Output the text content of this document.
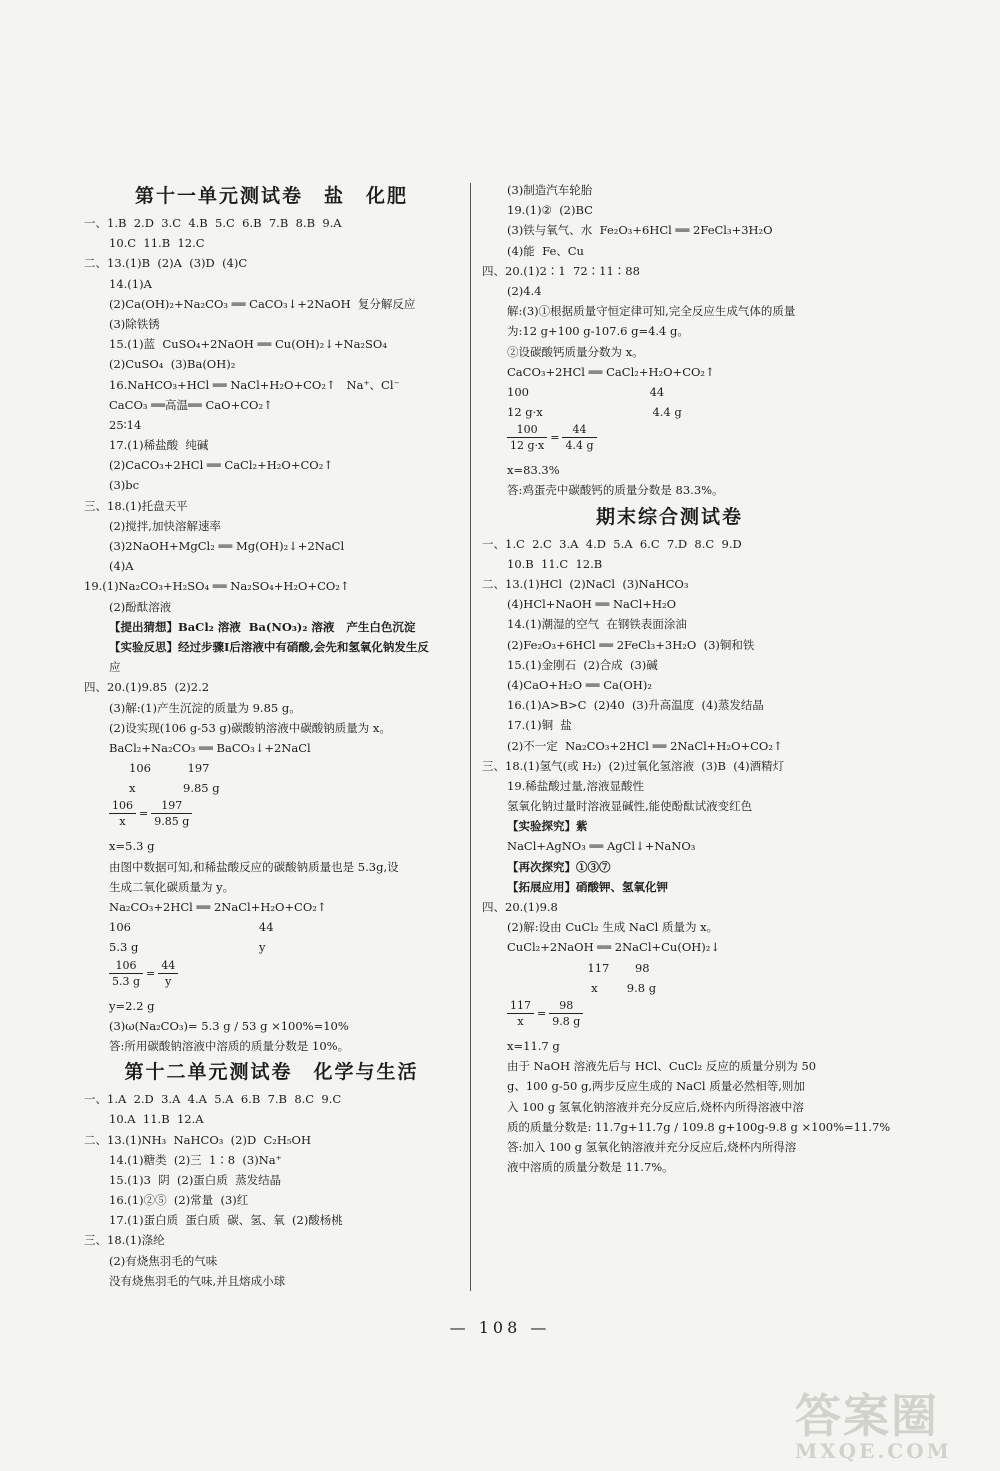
第十一单元测试卷　盐　化肥
一、1.B  2.D  3.C  4.B  5.C  6.B  7.B  8.B  9.A
10.C  11.B  12.C
二、13.(1)B  (2)A  (3)D  (4)C
14.(1)A
(2)Ca(OH)₂+Na₂CO₃ ══ CaCO₃↓+2NaOH  复分解反应
(3)除铁锈
15.(1)蓝  CuSO₄+2NaOH ══ Cu(OH)₂↓+Na₂SO₄
(2)CuSO₄  (3)Ba(OH)₂
16.NaHCO₃+HCl ══ NaCl+H₂O+CO₂↑   Na⁺、Cl⁻
CaCO₃ ══高温══ CaO+CO₂↑
25∶14
17.(1)稀盐酸  纯碱
(2)CaCO₃+2HCl ══ CaCl₂+H₂O+CO₂↑
(3)bc
三、18.(1)托盘天平
(2)搅拌,加快溶解速率
(3)2NaOH+MgCl₂ ══ Mg(OH)₂↓+2NaCl
(4)A
19.(1)Na₂CO₃+H₂SO₄ ══ Na₂SO₄+H₂O+CO₂↑
(2)酚酞溶液
【提出猜想】BaCl₂ 溶液  Ba(NO₃)₂ 溶液   产生白色沉淀
【实验反思】经过步骤I后溶液中有硝酸,会先和氢氧化钠发生反
应
四、20.(1)9.85  (2)2.2
(3)解:(1)产生沉淀的质量为 9.85 g。
(2)设实现(106 g-53 g)碳酸钠溶液中碳酸钠质量为 x。
BaCl₂+Na₂CO₃ ══ BaCO₃↓+2NaCl
106          197
x             9.85 g
$\frac{106}{x} = \frac{197}{9.85 g}$
x=5.3 g
由图中数据可知,和稀盐酸反应的碳酸钠质量也是 5.3g,设
生成二氧化碳质量为 y。
Na₂CO₃+2HCl ══ 2NaCl+H₂O+CO₂↑
106                                   44
5.3 g                                 y
$\frac{106}{5.3 g} = \frac{44}{y}$
y=2.2 g
(3)ω(Na₂CO₃)= 5.3 g / 53 g ×100%=10%
答:所用碳酸钠溶液中溶质的质量分数是 10%。
第十二单元测试卷　化学与生活
一、1.A  2.D  3.A  4.A  5.A  6.B  7.B  8.C  9.C
10.A  11.B  12.A
二、13.(1)NH₃  NaHCO₃  (2)D  C₂H₅OH
14.(1)糖类  (2)三  1∶8  (3)Na⁺
15.(1)3  阴  (2)蛋白质  蒸发结晶
16.(1)②⑤  (2)常量  (3)红
17.(1)蛋白质  蛋白质  碳、氢、氧  (2)酸杨桃
三、18.(1)涤纶
(2)有烧焦羽毛的气味
没有烧焦羽毛的气味,并且熔成小球
(3)制造汽车轮胎
19.(1)②  (2)BC
(3)铁与氧气、水  Fe₂O₃+6HCl ══ 2FeCl₃+3H₂O
(4)能  Fe、Cu
四、20.(1)2∶1  72∶11∶88
(2)4.4
解:(3)①根据质量守恒定律可知,完全反应生成气体的质量
为:12 g+100 g-107.6 g=4.4 g。
②设碳酸钙质量分数为 x。
CaCO₃+2HCl ══ CaCl₂+H₂O+CO₂↑
100                                 44
12 g·x                              4.4 g
$\frac{100}{12 g\cdot x} = \frac{44}{4.4 g}$
x=83.3%
答:鸡蛋壳中碳酸钙的质量分数是 83.3%。
期末综合测试卷
一、1.C  2.C  3.A  4.D  5.A  6.C  7.D  8.C  9.D
10.B  11.C  12.B
二、13.(1)HCl  (2)NaCl  (3)NaHCO₃
(4)HCl+NaOH ══ NaCl+H₂O
14.(1)潮湿的空气  在钢铁表面涂油
(2)Fe₂O₃+6HCl ══ 2FeCl₃+3H₂O  (3)铜和铁
15.(1)金刚石  (2)合成  (3)碱
(4)CaO+H₂O ══ Ca(OH)₂
16.(1)A>B>C  (2)40  (3)升高温度  (4)蒸发结晶
17.(1)铜  盐
(2)不一定  Na₂CO₃+2HCl ══ 2NaCl+H₂O+CO₂↑
三、18.(1)氢气(或 H₂)  (2)过氧化氢溶液  (3)B  (4)酒精灯
19.稀盐酸过量,溶液显酸性
氢氧化钠过量时溶液显碱性,能使酚酞试液变红色
【实验探究】紫
NaCl+AgNO₃ ══ AgCl↓+NaNO₃
【再次探究】①③⑦
【拓展应用】硝酸钾、氢氧化钾
四、20.(1)9.8
(2)解:设由 CuCl₂ 生成 NaCl 质量为 x。
CuCl₂+2NaOH ══ 2NaCl+Cu(OH)₂↓
117       98
x        9.8 g
$\frac{117}{x} = \frac{98}{9.8 g}$
x=11.7 g
由于 NaOH 溶液先后与 HCl、CuCl₂ 反应的质量分别为 50
g、100 g-50 g,两步反应生成的 NaCl 质量必然相等,则加
入 100 g 氢氧化钠溶液并充分反应后,烧杯内所得溶液中溶
质的质量分数是: 11.7g+11.7g / 109.8 g+100g-9.8 g ×100%=11.7%
答:加入 100 g 氢氧化钠溶液并充分反应后,烧杯内所得溶
液中溶质的质量分数是 11.7%。
— 108 —
答案圈
MXQE.COM
